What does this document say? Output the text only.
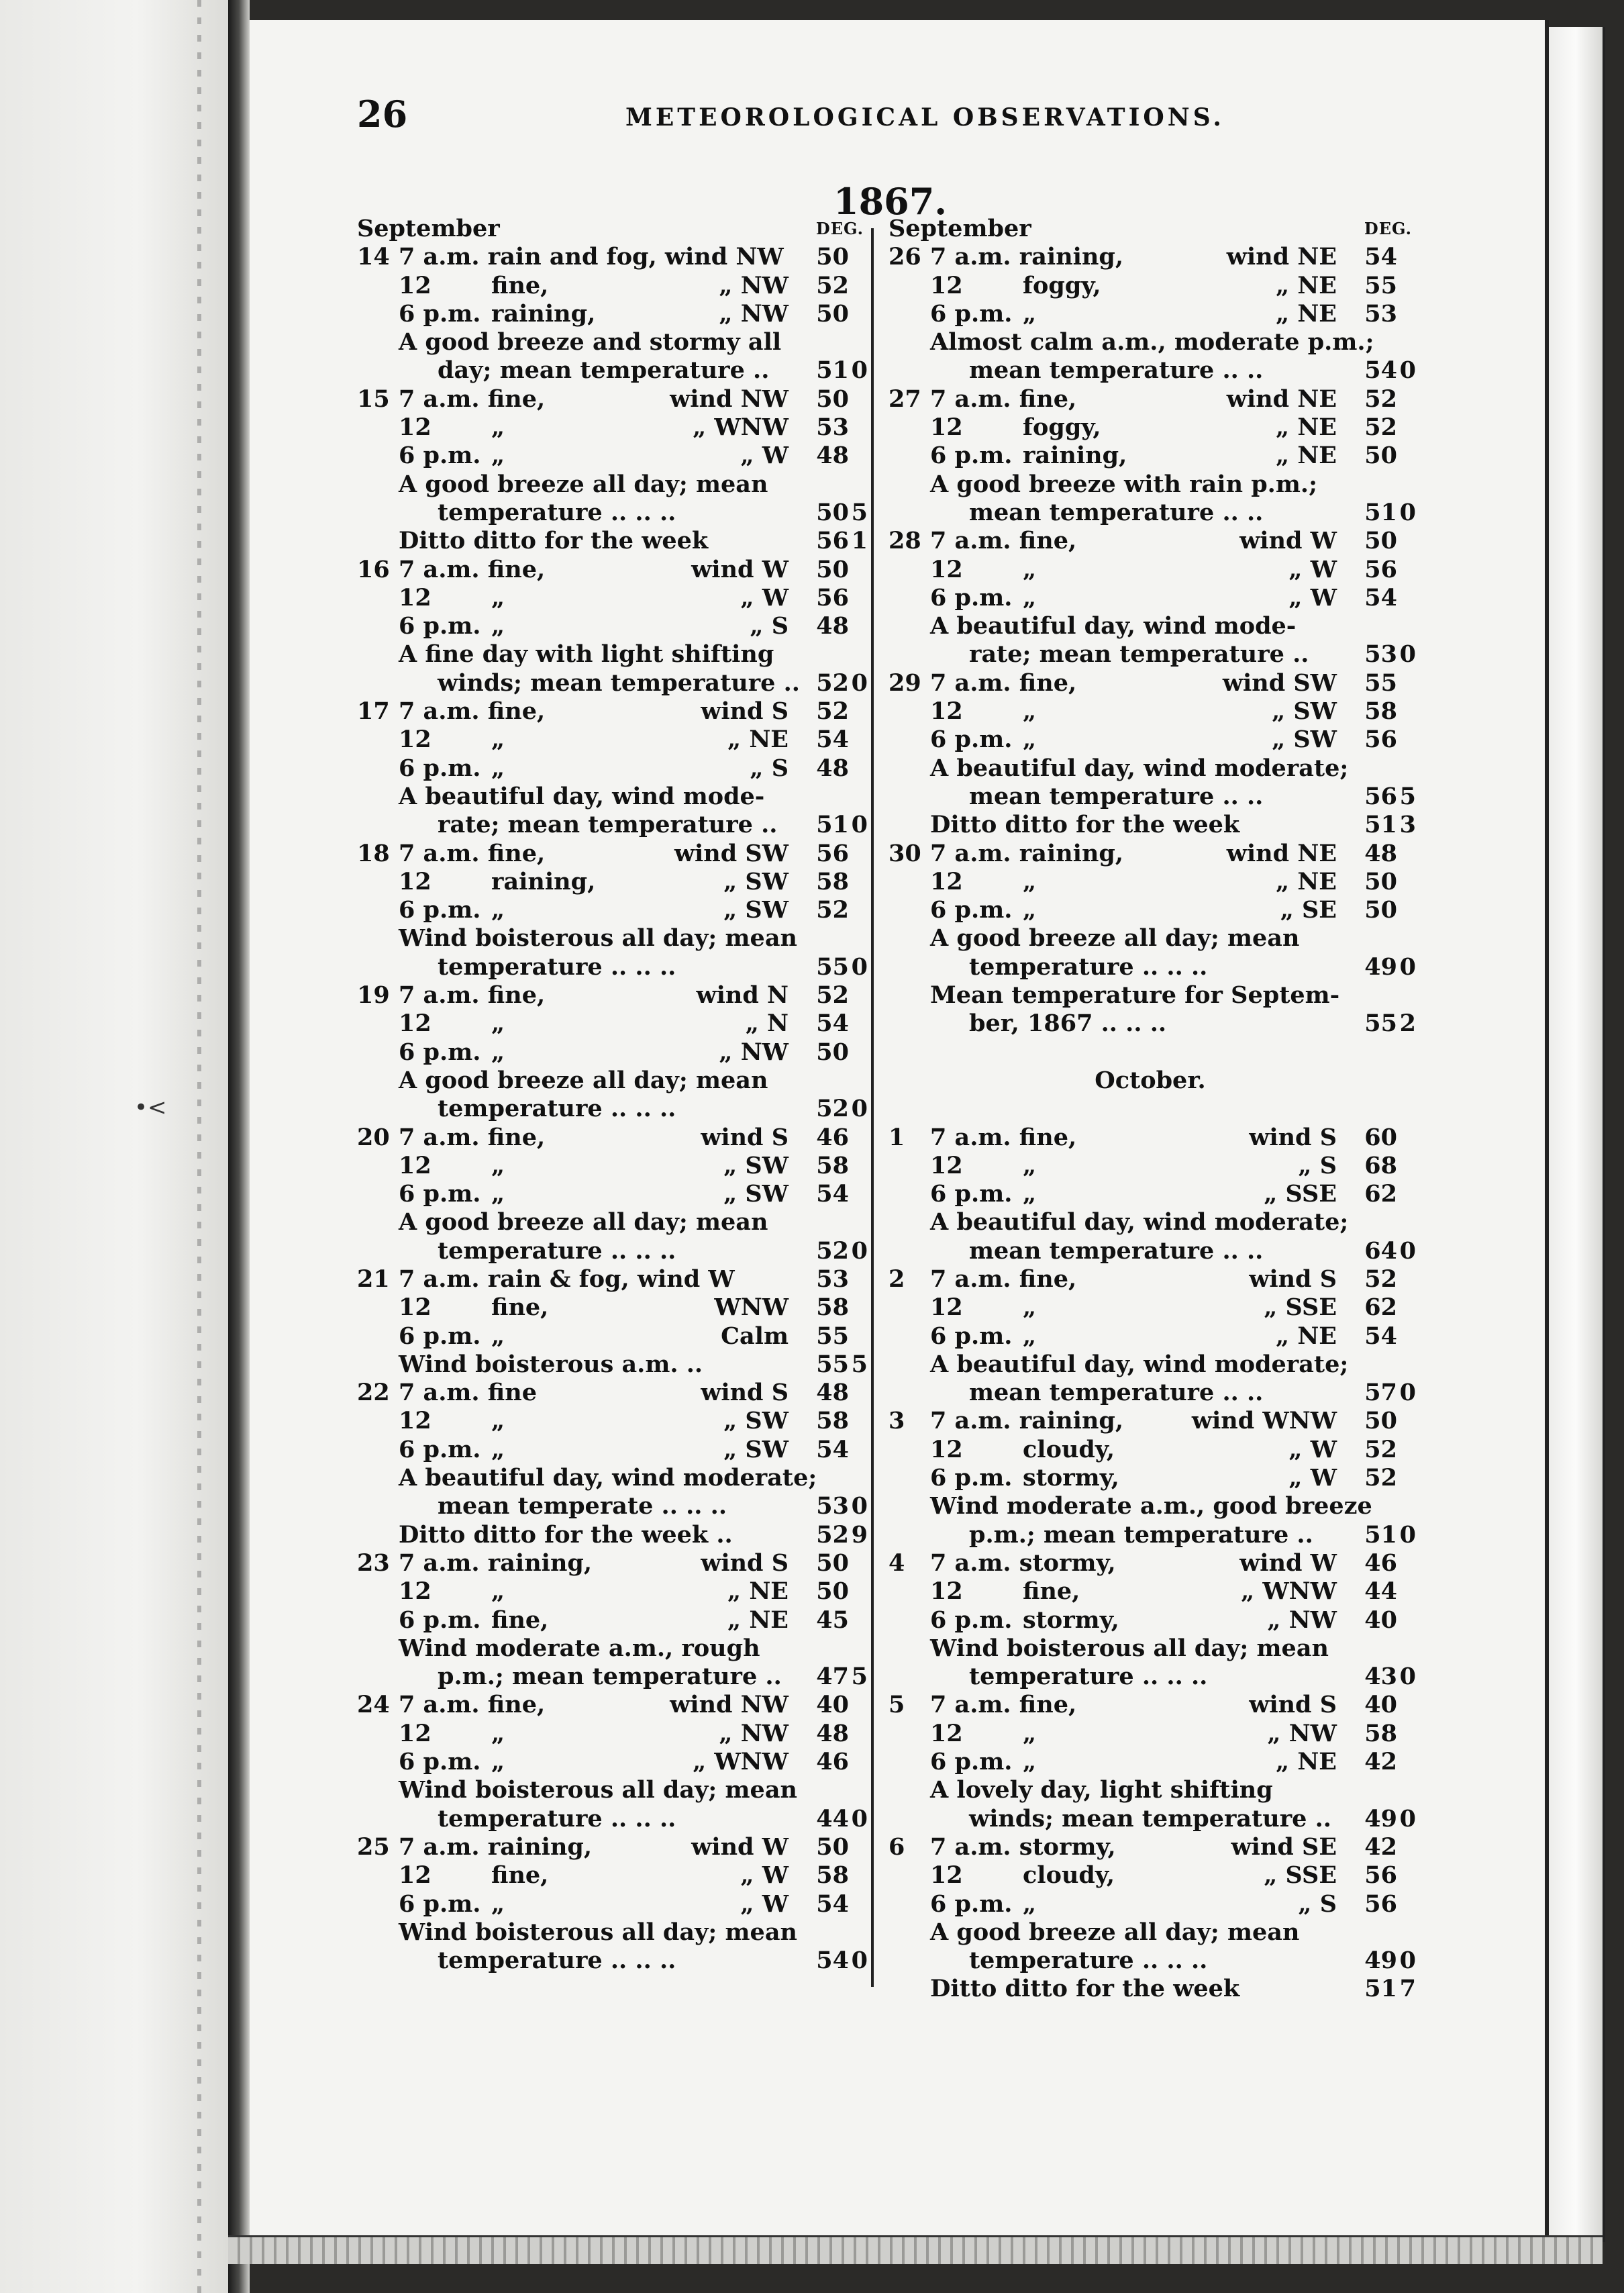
•<
26	METEOROLOGICAL OBSERVATIONS.
1867.
September	DEG.
14 7 a.m. rain and fog, wind NW	50
12	fine,	„ NW	52
6 p.m. raining,	„ NW	50
A good breeze and stormy all
day; mean temperature ..	51 0
15 7 a.m. fine,	wind NW	50
12	„	„ WNW	53
6 p.m. „	„ W	48
A good breeze all day; mean
temperature .. .. ..	50 5
Ditto ditto for the week	56 1
16 7 a.m. fine,	wind W	50
12	„	„ W	56
6 p.m. „	„ S	48
A fine day with light shifting
winds; mean temperature .. 52 0
17 7 a.m. fine,	wind S	52
12	„	„ NE	54
6 p.m. „	„ S	48
A beautiful day, wind mode-
rate; mean temperature ..	51 0
18 7 a.m. fine,	wind SW	56
12	raining,	„ SW	58
6 p.m. „	„ SW	52
Wind boisterous all day; mean
temperature .. .. ..	55 0
19 7 a.m. fine,	wind N	52
12	„	„ N	54
6 p.m. „	„ NW	50
A good breeze all day; mean
temperature .. .. ..	52 0
20 7 a.m. fine,	wind S	46
12	„	„ SW	58
6 p.m. „	„ SW	54
A good breeze all day; mean
temperature .. .. ..	52 0
21 7 a.m. rain & fog, wind W	53
12	fine,	WNW	58
6 p.m. „	Calm	55
Wind boisterous a.m. ..	55 5
22 7 a.m. fine	wind S	48
12	„	„ SW	58
6 p.m. „	„ SW	54
A beautiful day, wind moderate;
mean temperate .. .. ..	53 0
Ditto ditto for the week ..	52 9
23 7 a.m. raining,	wind S	50
12	„	„ NE	50
6 p.m. fine,	„ NE	45
Wind moderate a.m., rough
p.m.; mean temperature ..	47 5
24 7 a.m. fine,	wind NW	40
12	„	„ NW	48
6 p.m. „	„ WNW	46
Wind boisterous all day; mean
temperature .. .. ..	44 0
25 7 a.m. raining,	wind W	50
12	fine,	„ W	58
6 p.m. „	„ W	54
Wind boisterous all day; mean
temperature .. .. ..	54 0
September	DEG.
26 7 a.m. raining,	wind NE	54
12	foggy,	„ NE	55
6 p.m. „	„ NE	53
Almost calm a.m., moderate p.m.;
mean temperature .. ..	54 0
27 7 a.m. fine,	wind NE	52
12	foggy,	„ NE	52
6 p.m. raining,	„ NE	50
A good breeze with rain p.m.;
mean temperature .. ..	51 0
28 7 a.m. fine,	wind W	50
12	„	„ W	56
6 p.m. „	„ W	54
A beautiful day, wind mode-
rate; mean temperature ..	53 0
29 7 a.m. fine,	wind SW	55
12	„	„ SW	58
6 p.m. „	„ SW	56
A beautiful day, wind moderate;
mean temperature .. ..	56 5
Ditto ditto for the week	51 3
30 7 a.m. raining,	wind NE	48
12	„	„ NE	50
6 p.m. „	„ SE	50
A good breeze all day; mean
temperature .. .. ..	49 0
Mean temperature for Septem-
ber, 1867 .. .. ..	55 2
October.
1 7 a.m. fine,	wind S	60
12	„	„ S	68
6 p.m. „	„ SSE	62
A beautiful day, wind moderate;
mean temperature .. ..	64 0
2 7 a.m. fine,	wind S	52
12	„	„ SSE	62
6 p.m. „	„ NE	54
A beautiful day, wind moderate;
mean temperature .. ..	57 0
3 7 a.m. raining,	wind WNW	50
12	cloudy,	„ W	52
6 p.m. stormy,	„ W	52
Wind moderate a.m., good breeze
p.m.; mean temperature ..	51 0
4 7 a.m. stormy,	wind W	46
12	fine,	„ WNW	44
6 p.m. stormy,	„ NW	40
Wind boisterous all day; mean
temperature .. .. ..	43 0
5 7 a.m. fine,	wind S	40
12	„	„ NW	58
6 p.m. „	„ NE	42
A lovely day, light shifting
winds; mean temperature ..	49 0
6 7 a.m. stormy,	wind SE	42
12	cloudy,	„ SSE	56
6 p.m. „	„ S	56
A good breeze all day; mean
temperature .. .. ..	49 0
Ditto ditto for the week	51 7
